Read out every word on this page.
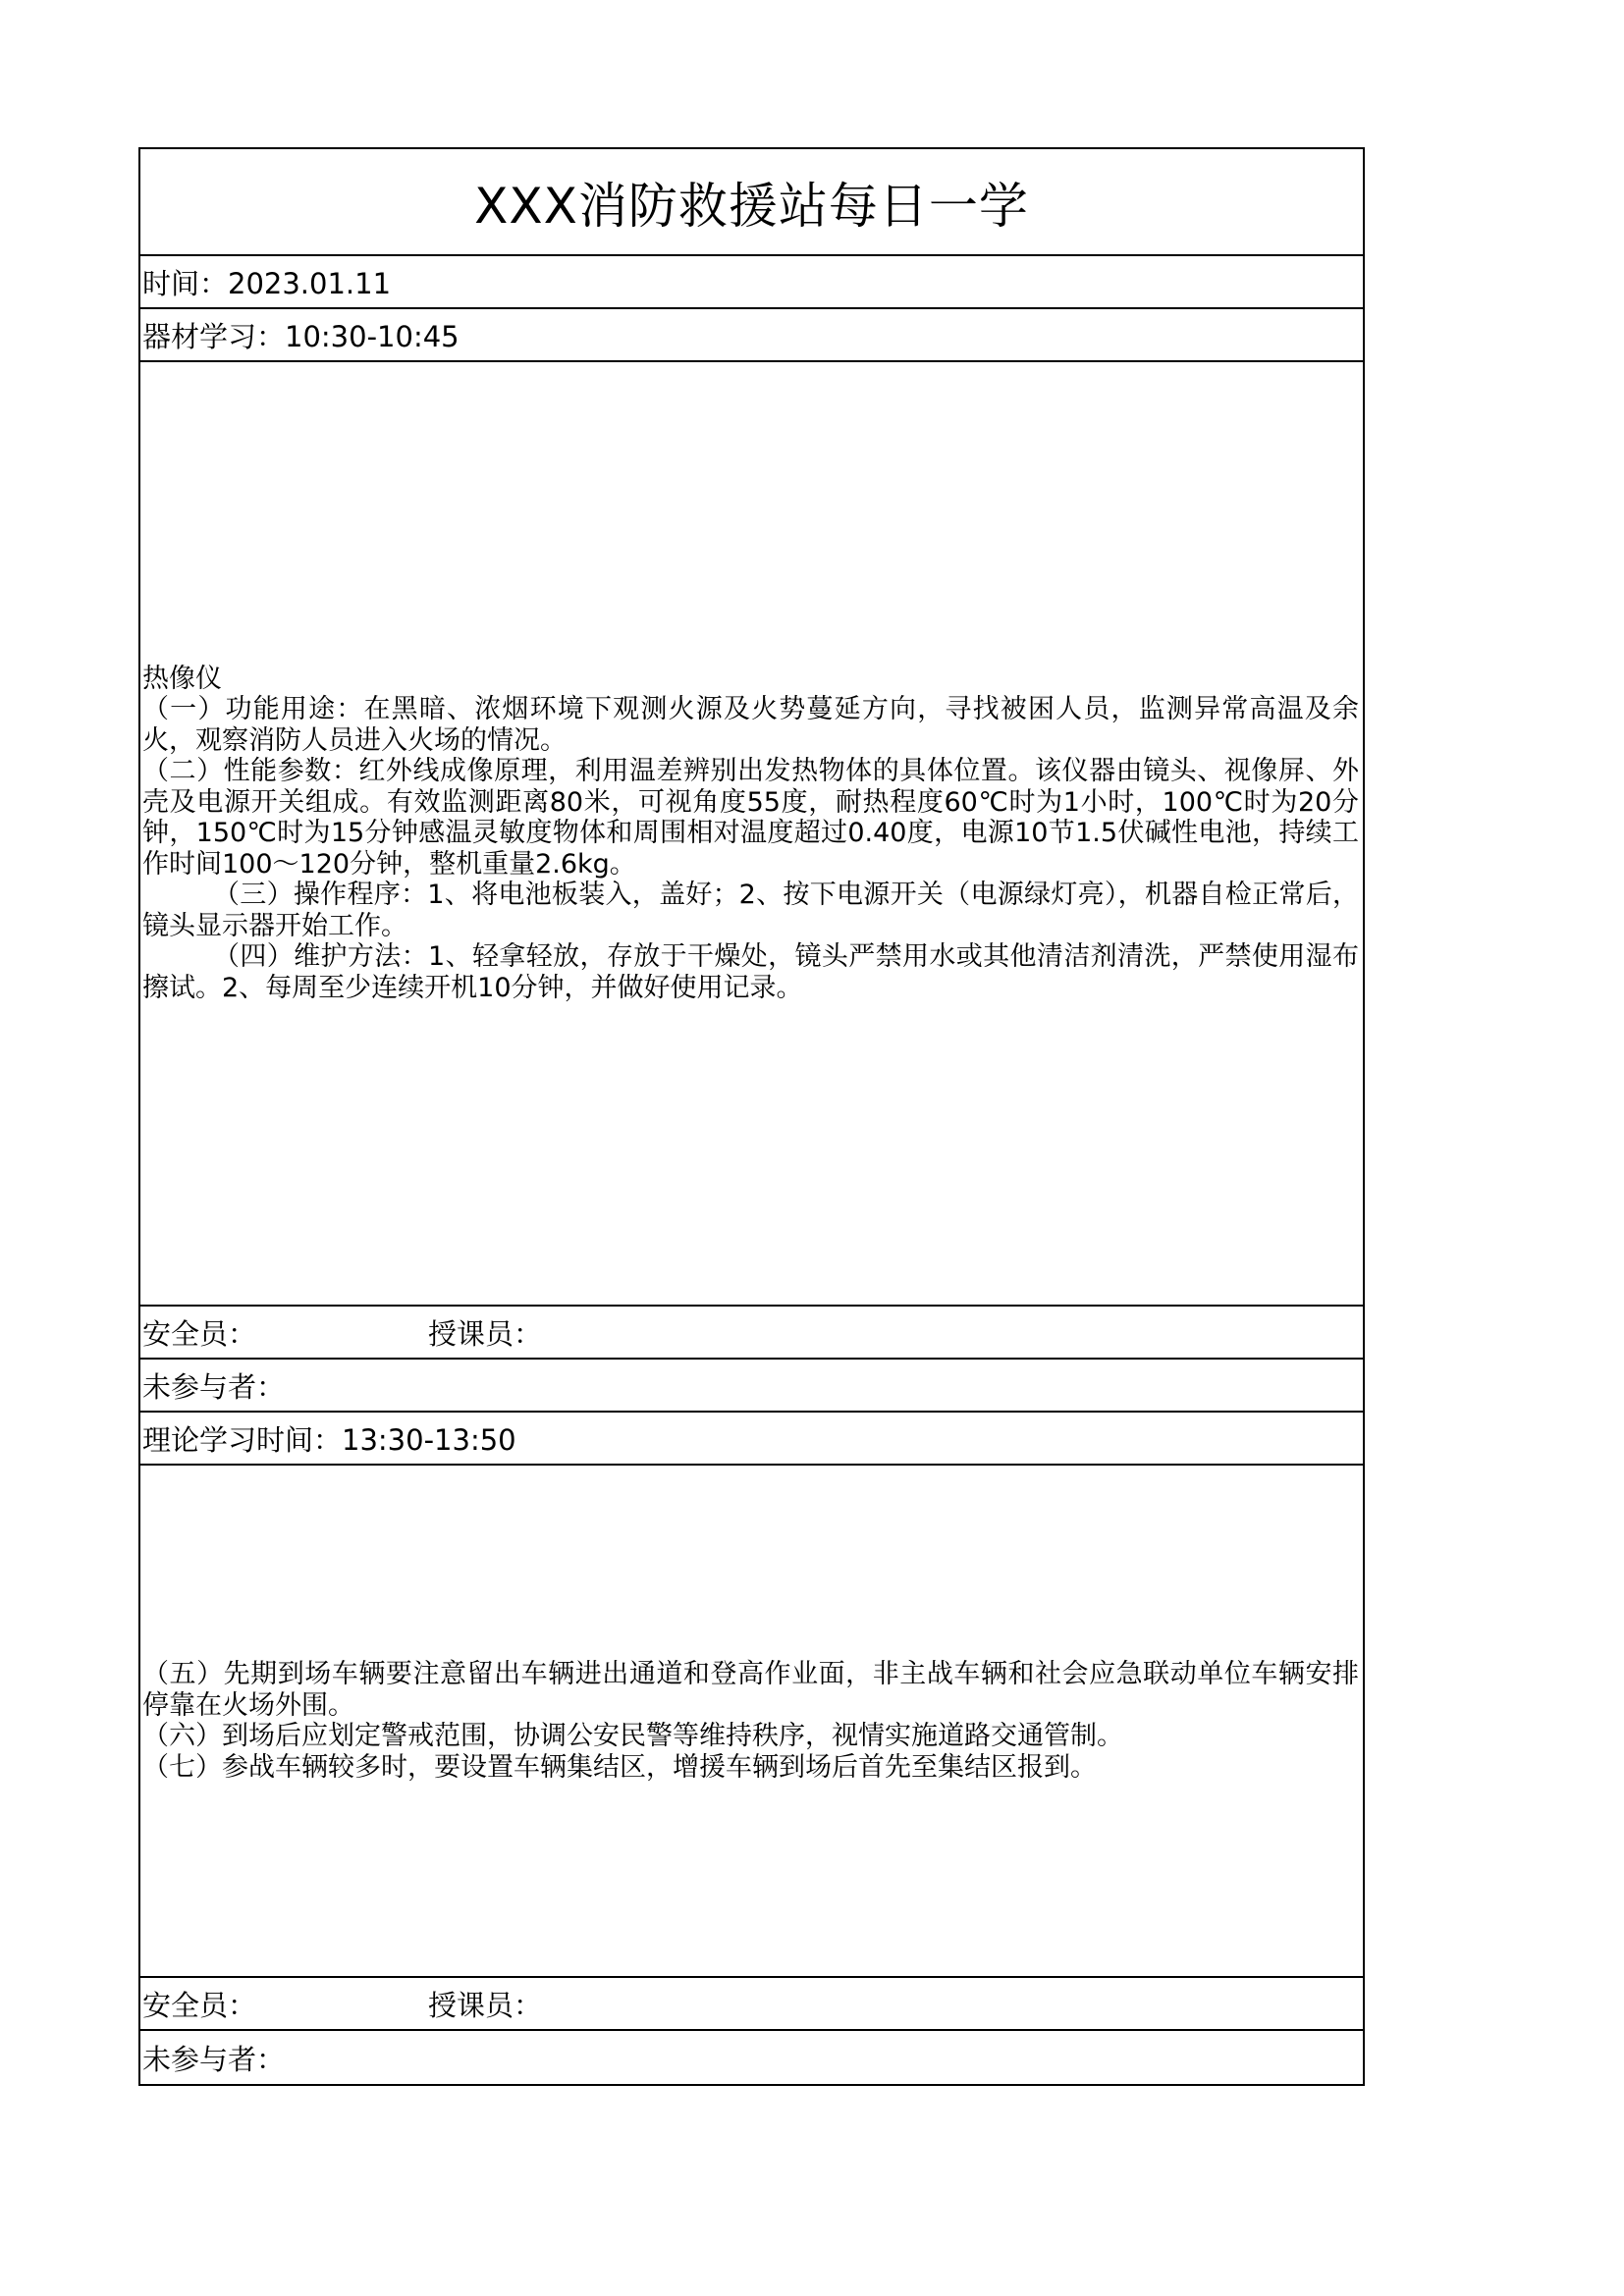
XXX消防救援站每日一学
时间：2023.01.11
器材学习：10:30-10:45

热像仪

（一）功能用途：在黑暗、浓烟环境下观测火源及火势蔓延方向，寻找被困人员，监测异常高温及余火，观察消防人员进入火场的情况。

（二）性能参数：红外线成像原理，利用温差辨别出发热物体的具体位置。该仪器由镜头、视像屏、外壳及电源开关组成。有效监测距离80米，可视角度55度，耐热程度60℃时为1小时，100℃时为20分钟，150℃时为15分钟感温灵敏度物体和周围相对温度超过0.40度，电源10节1.5伏碱性电池，持续工作时间100～120分钟，整机重量2.6kg。

（三）操作程序：1、将电池板装入，盖好；2、按下电源开关（电源绿灯亮），机器自检正常后，镜头显示器开始工作。

（四）维护方法：1、轻拿轻放，存放于干燥处，镜头严禁用水或其他清洁剂清洗，严禁使用湿布擦试。2、每周至少连续开机10分钟，并做好使用记录。

安全员：	授课员：
未参与者：
理论学习时间：13:30-13:50

（五）先期到场车辆要注意留出车辆进出通道和登高作业面，非主战车辆和社会应急联动单位车辆安排停靠在火场外围。

（六）到场后应划定警戒范围，协调公安民警等维持秩序，视情实施道路交通管制。

（七）参战车辆较多时，要设置车辆集结区，增援车辆到场后首先至集结区报到。

安全员：	授课员：
未参与者：
